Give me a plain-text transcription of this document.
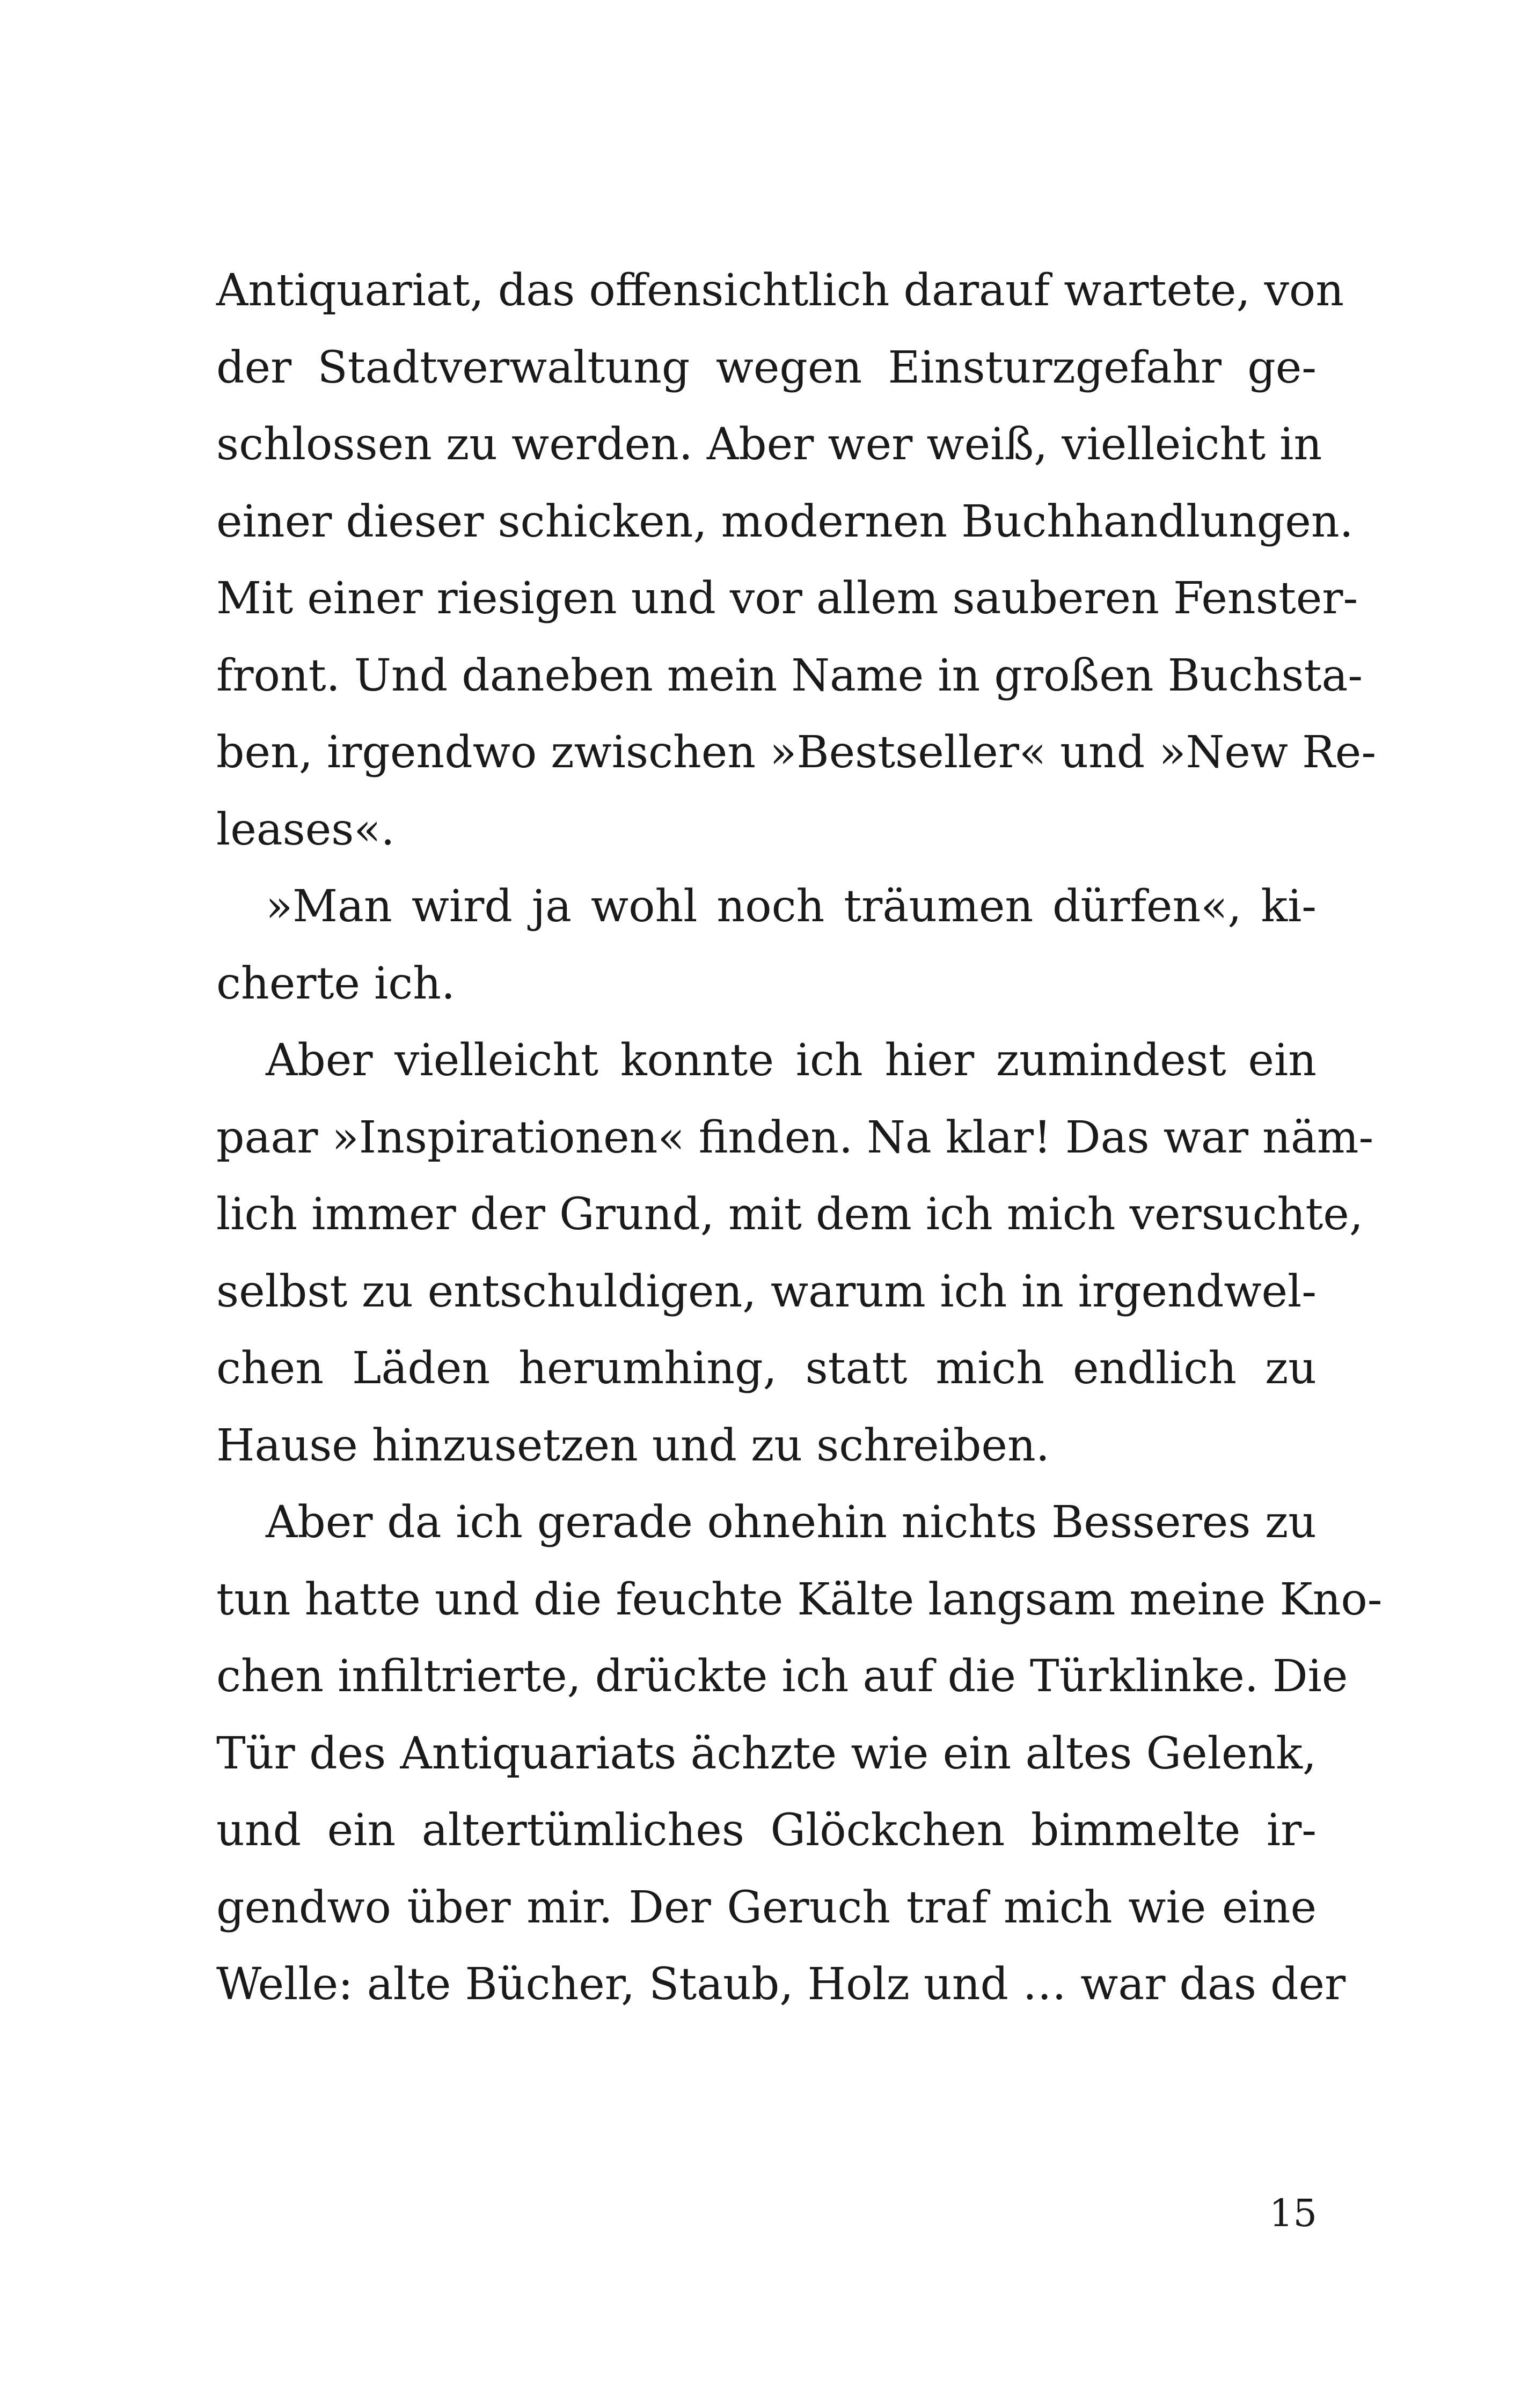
Antiquariat, das offensichtlich darauf wartete, von
der Stadtverwaltung wegen Einsturzgefahr ge-
schlossen zu werden. Aber wer weiß, vielleicht in
einer dieser schicken, modernen Buchhandlungen.
Mit einer riesigen und vor allem sauberen Fenster-
front. Und daneben mein Name in großen Buchsta-
ben, irgendwo zwischen »Bestseller« und »New Re-
leases«.
»Man wird ja wohl noch träumen dürfen«, ki-
cherte ich.
Aber vielleicht konnte ich hier zumindest ein
paar »Inspirationen« finden. Na klar! Das war näm-
lich immer der Grund, mit dem ich mich versuchte,
selbst zu entschuldigen, warum ich in irgendwel-
chen Läden herumhing, statt mich endlich zu
Hause hinzusetzen und zu schreiben.
Aber da ich gerade ohnehin nichts Besseres zu
tun hatte und die feuchte Kälte langsam meine Kno-
chen infiltrierte, drückte ich auf die Türklinke. Die
Tür des Antiquariats ächzte wie ein altes Gelenk,
und ein altertümliches Glöckchen bimmelte ir-
gendwo über mir. Der Geruch traf mich wie eine
Welle: alte Bücher, Staub, Holz und … war das der
15
